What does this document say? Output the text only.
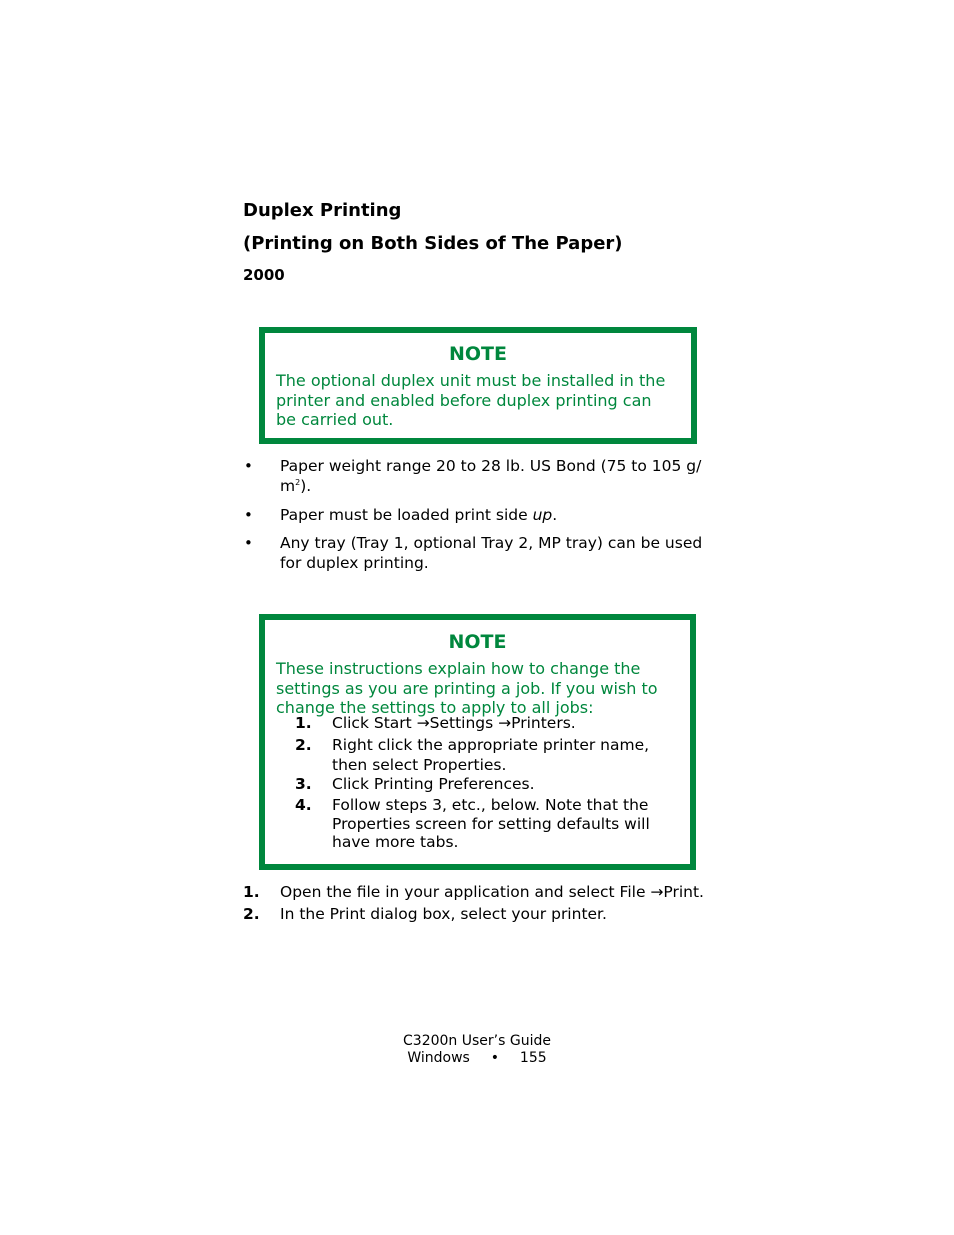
Duplex Printing
(Printing on Both Sides of The Paper)
2000
NOTE
The optional duplex unit must be installed in the
printer and enabled before duplex printing can
be carried out.
• Paper weight range 20 to 28 lb. US Bond (75 to 105 g/
$m^2$).
• Paper must be loaded print side up.
• Any tray (Tray 1, optional Tray 2, MP tray) can be used
for duplex printing.
NOTE
These instructions explain how to change the
settings as you are printing a job. If you wish to
change the settings to apply to all jobs:
1. Click Start →Settings →Printers.
2. Right click the appropriate printer name,
then select Properties.
3. Click Printing Preferences.
4. Follow steps 3, etc., below. Note that the
Properties screen for setting defaults will
have more tabs.
1. Open the file in your application and select File →Print.
2. In the Print dialog box, select your printer.
C3200n User’s Guide
Windows • 155
